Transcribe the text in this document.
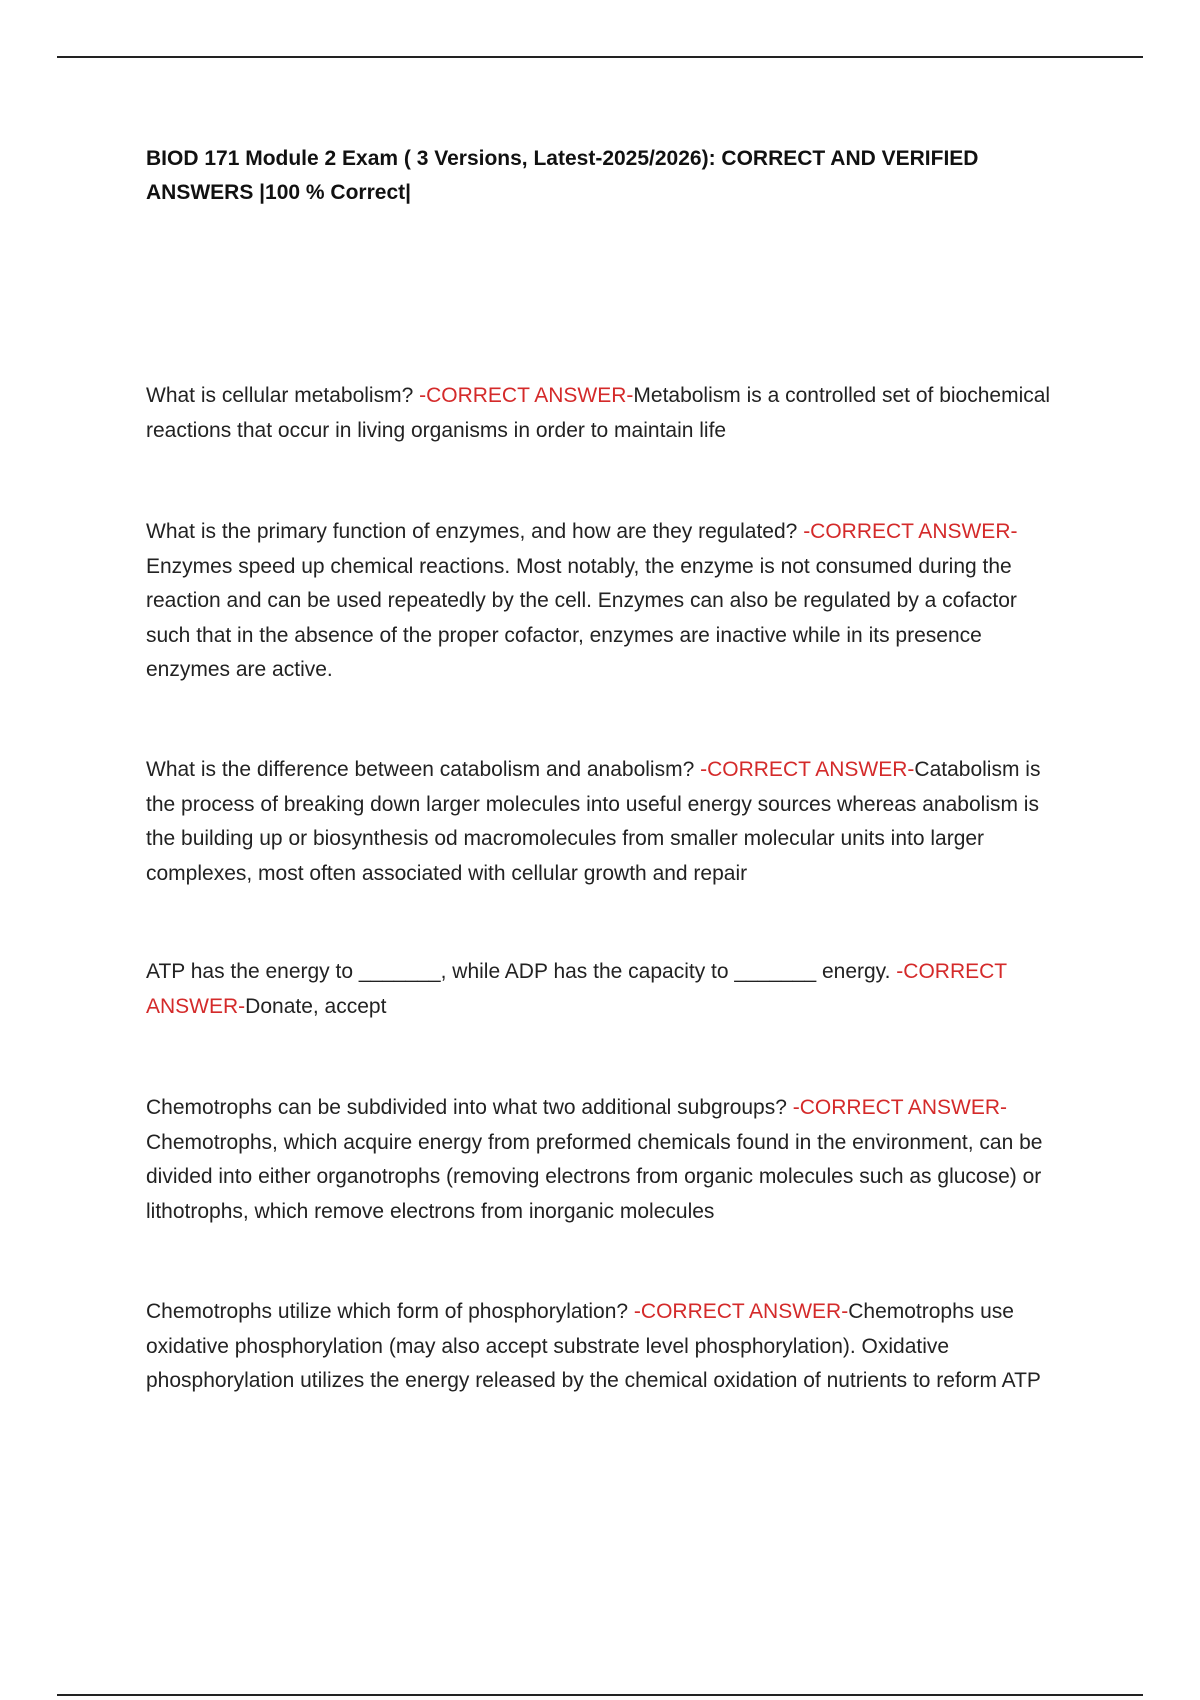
BIOD 171 Module 2 Exam ( 3 Versions, Latest-2025/2026): CORRECT AND VERIFIED
ANSWERS |100 % Correct|

What is cellular metabolism? -CORRECT ANSWER-Metabolism is a controlled set of biochemical reactions that occur in living organisms in order to maintain life

What is the primary function of enzymes, and how are they regulated? -CORRECT ANSWER-Enzymes speed up chemical reactions. Most notably, the enzyme is not consumed during the reaction and can be used repeatedly by the cell. Enzymes can also be regulated by a cofactor such that in the absence of the proper cofactor, enzymes are inactive while in its presence enzymes are active.

What is the difference between catabolism and anabolism? -CORRECT ANSWER-Catabolism is the process of breaking down larger molecules into useful energy sources whereas anabolism is the building up or biosynthesis od macromolecules from smaller molecular units into larger complexes, most often associated with cellular growth and repair

ATP has the energy to _______, while ADP has the capacity to _______ energy. -CORRECT ANSWER-Donate, accept

Chemotrophs can be subdivided into what two additional subgroups? -CORRECT ANSWER-Chemotrophs, which acquire energy from preformed chemicals found in the environment, can be divided into either organotrophs (removing electrons from organic molecules such as glucose) or lithotrophs, which remove electrons from inorganic molecules

Chemotrophs utilize which form of phosphorylation? -CORRECT ANSWER-Chemotrophs use oxidative phosphorylation (may also accept substrate level phosphorylation). Oxidative phosphorylation utilizes the energy released by the chemical oxidation of nutrients to reform ATP
